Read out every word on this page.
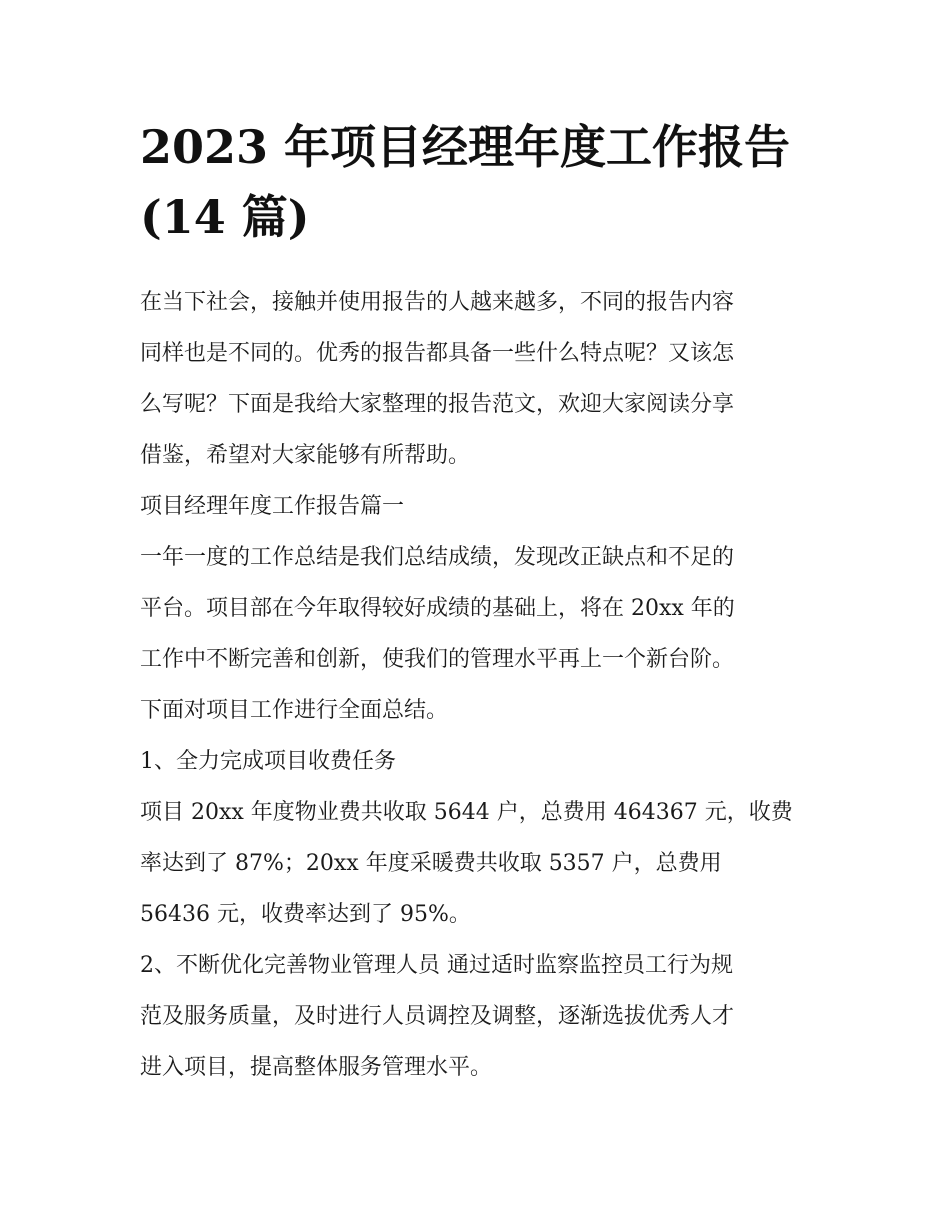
2023 年项目经理年度工作报告
(14 篇)

在当下社会，接触并使用报告的人越来越多，不同的报告内容
同样也是不同的。优秀的报告都具备一些什么特点呢？又该怎
么写呢？下面是我给大家整理的报告范文，欢迎大家阅读分享
借鉴，希望对大家能够有所帮助。

项目经理年度工作报告篇一

一年一度的工作总结是我们总结成绩，发现改正缺点和不足的
平台。项目部在今年取得较好成绩的基础上，将在 20xx 年的
工作中不断完善和创新，使我们的管理水平再上一个新台阶。
下面对项目工作进行全面总结。

1、全力完成项目收费任务

项目 20xx 年度物业费共收取 5644 户，总费用 464367 元，收费
率达到了 87%；20xx 年度采暖费共收取 5357 户，总费用
56436 元，收费率达到了 95%。

2、不断优化完善物业管理人员 通过适时监察监控员工行为规
范及服务质量，及时进行人员调控及调整，逐渐选拔优秀人才
进入项目，提高整体服务管理水平。
